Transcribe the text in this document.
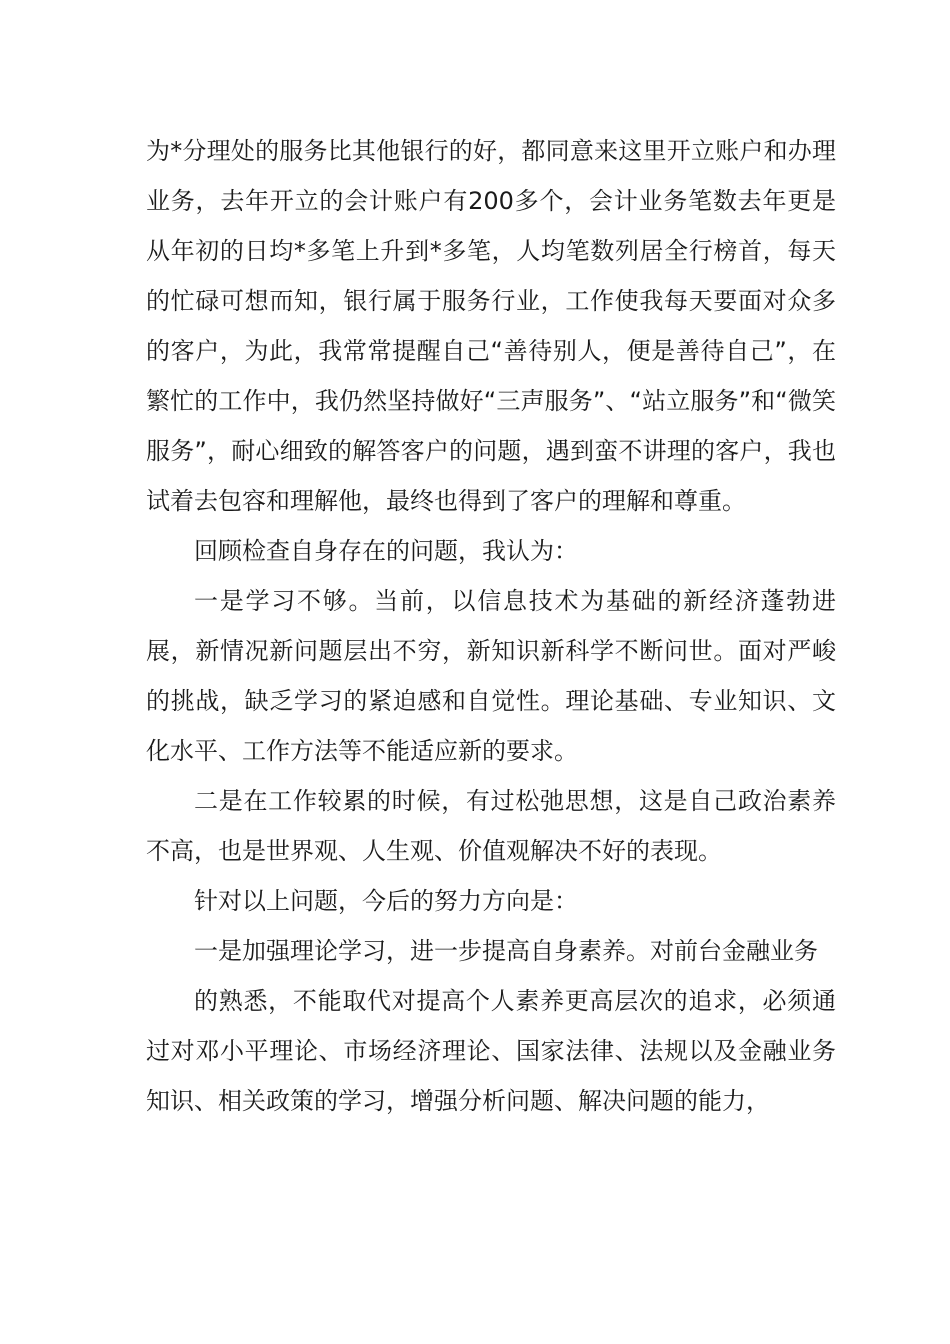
为*分理处的服务比其他银行的好，都同意来这里开立账户和办理业务，去年开立的会计账户有200多个，会计业务笔数去年更是从年初的日均*多笔上升到*多笔，人均笔数列居全行榜首，每天的忙碌可想而知，银行属于服务行业，工作使我每天要面对众多的客户，为此，我常常提醒自己“善待别人，便是善待自己”，在繁忙的工作中，我仍然坚持做好“三声服务”、“站立服务”和“微笑服务”，耐心细致的解答客户的问题，遇到蛮不讲理的客户，我也试着去包容和理解他，最终也得到了客户的理解和尊重。

回顾检查自身存在的问题，我认为：

一是学习不够。当前，以信息技术为基础的新经济蓬勃进展，新情况新问题层出不穷，新知识新科学不断问世。面对严峻的挑战，缺乏学习的紧迫感和自觉性。理论基础、专业知识、文化水平、工作方法等不能适应新的要求。

二是在工作较累的时候，有过松弛思想，这是自己政治素养不高，也是世界观、人生观、价值观解决不好的表现。

针对以上问题，今后的努力方向是：

一是加强理论学习，进一步提高自身素养。对前台金融业务

的熟悉，不能取代对提高个人素养更高层次的追求，必须通过对邓小平理论、市场经济理论、国家法律、法规以及金融业务知识、相关政策的学习，增强分析问题、解决问题的能力，
